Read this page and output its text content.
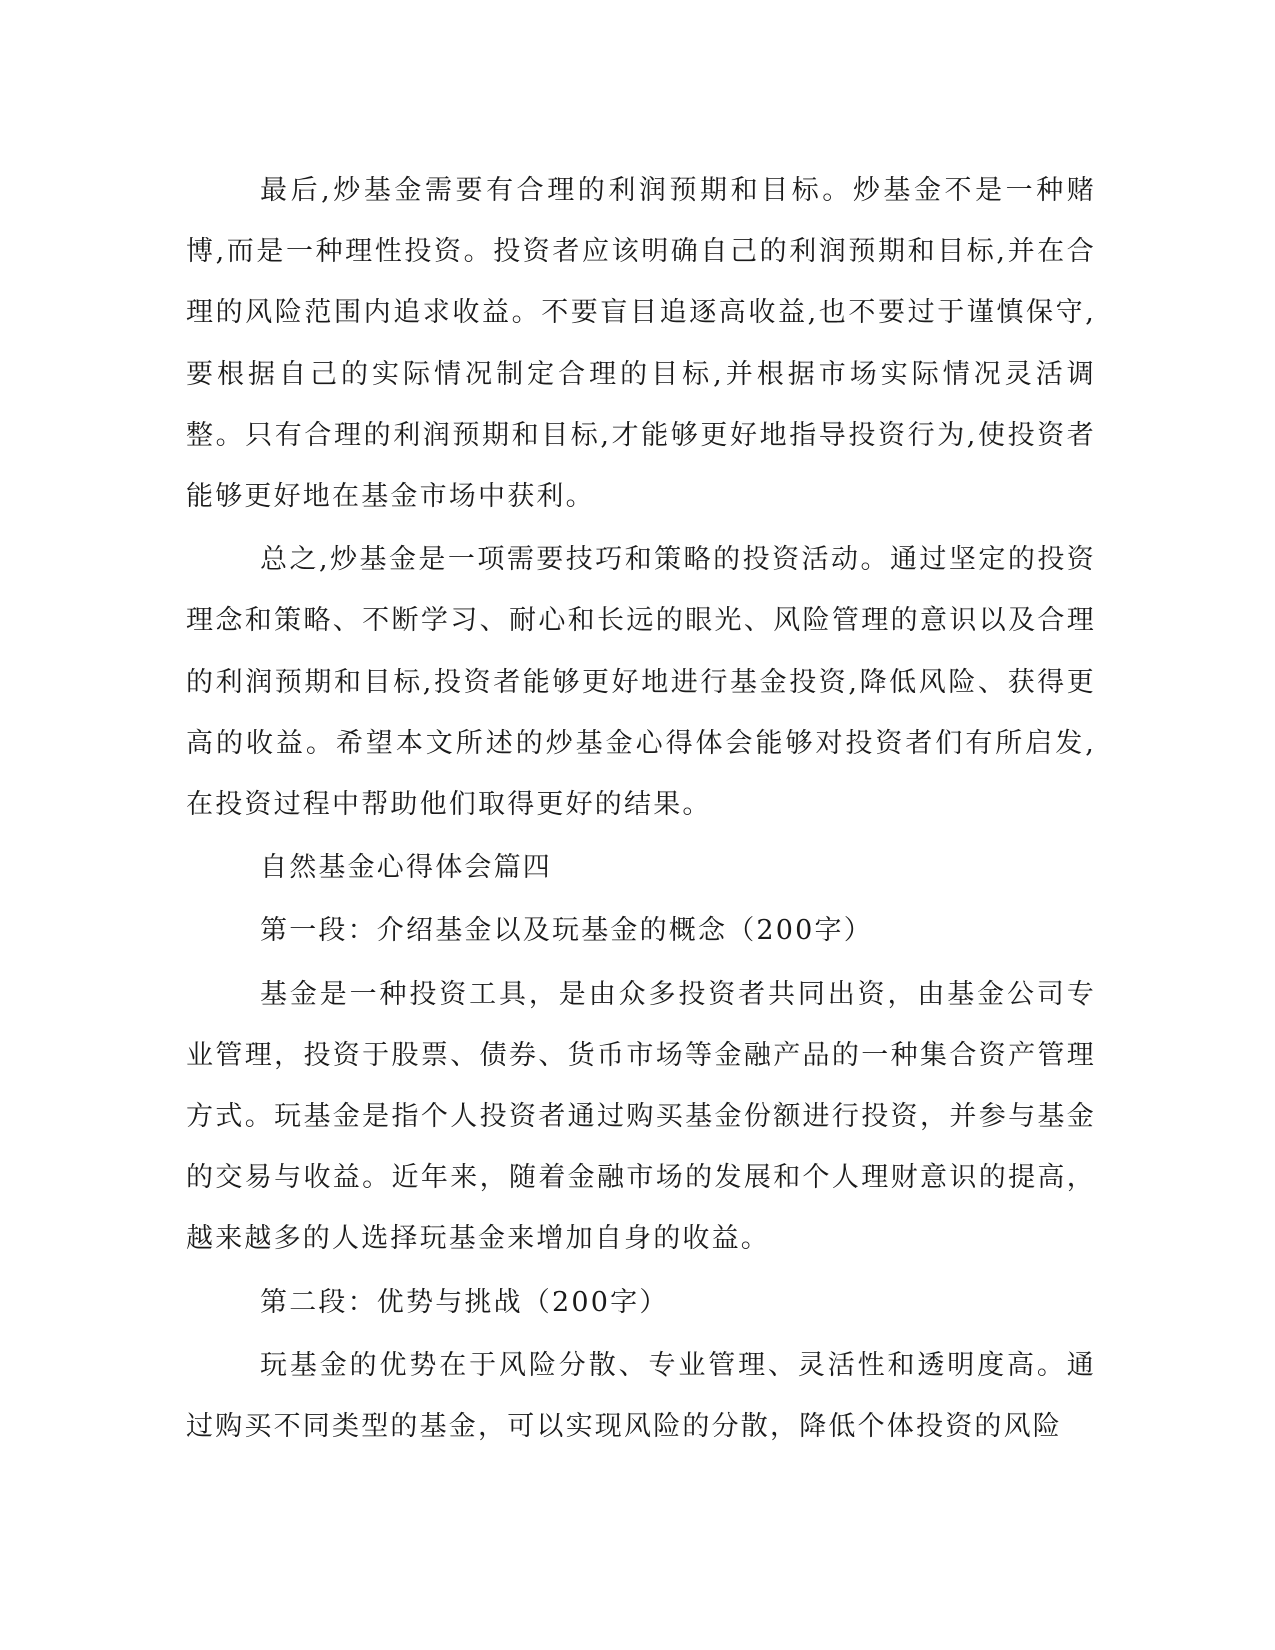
最后,炒基金需要有合理的利润预期和目标。炒基金不是一种赌博,而是一种理性投资。投资者应该明确自己的利润预期和目标,并在合理的风险范围内追求收益。不要盲目追逐高收益,也不要过于谨慎保守,要根据自己的实际情况制定合理的目标,并根据市场实际情况灵活调整。只有合理的利润预期和目标,才能够更好地指导投资行为,使投资者能够更好地在基金市场中获利。

总之,炒基金是一项需要技巧和策略的投资活动。通过坚定的投资理念和策略、不断学习、耐心和长远的眼光、风险管理的意识以及合理的利润预期和目标,投资者能够更好地进行基金投资,降低风险、获得更高的收益。希望本文所述的炒基金心得体会能够对投资者们有所启发,在投资过程中帮助他们取得更好的结果。

自然基金心得体会篇四

第一段：介绍基金以及玩基金的概念（200字）

基金是一种投资工具，是由众多投资者共同出资，由基金公司专业管理，投资于股票、债券、货币市场等金融产品的一种集合资产管理方式。玩基金是指个人投资者通过购买基金份额进行投资，并参与基金的交易与收益。近年来，随着金融市场的发展和个人理财意识的提高，越来越多的人选择玩基金来增加自身的收益。

第二段：优势与挑战（200字）

玩基金的优势在于风险分散、专业管理、灵活性和透明度高。通过购买不同类型的基金，可以实现风险的分散，降低个体投资的风险
